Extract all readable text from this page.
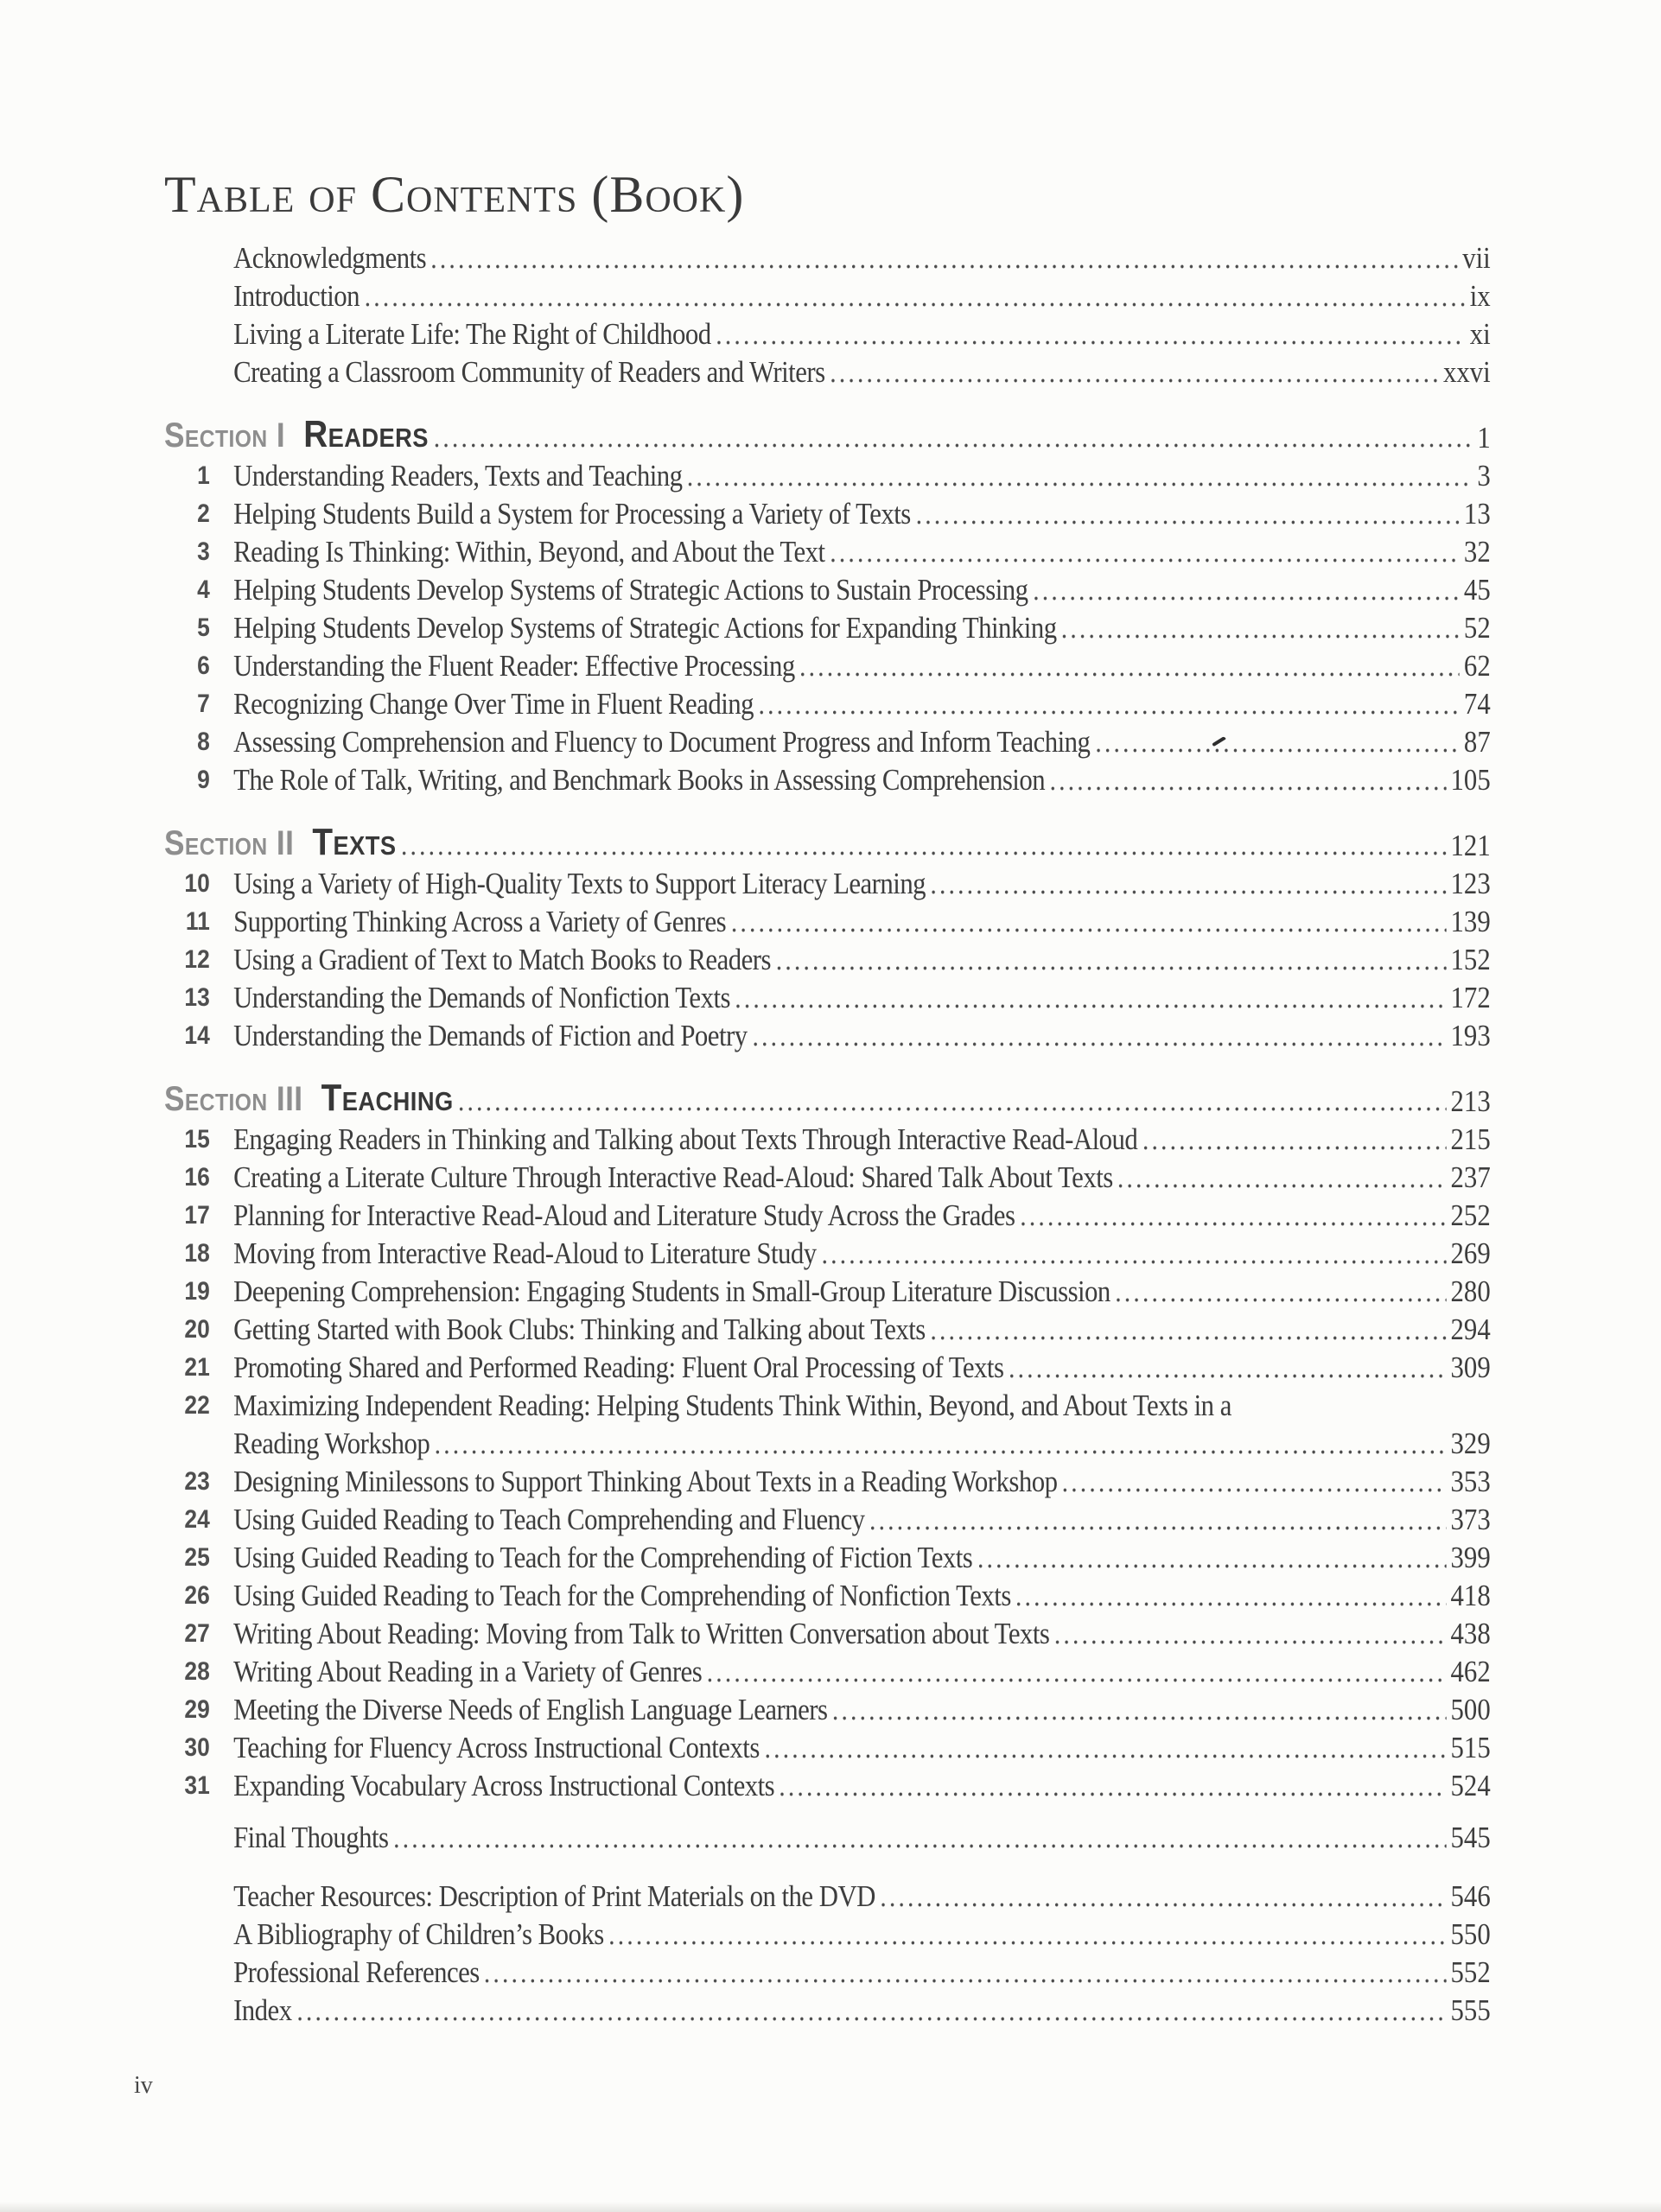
Table of Contents (Book)
Acknowledgments	vii
Introduction	ix
Living a Literate Life: The Right of Childhood	xi
Creating a Classroom Community of Readers and Writers	xxvi
Section I Readers	1
1 Understanding Readers, Texts and Teaching	3
2 Helping Students Build a System for Processing a Variety of Texts	13
3 Reading Is Thinking: Within, Beyond, and About the Text	32
4 Helping Students Develop Systems of Strategic Actions to Sustain Processing	45
5 Helping Students Develop Systems of Strategic Actions for Expanding Thinking	52
6 Understanding the Fluent Reader: Effective Processing	62
7 Recognizing Change Over Time in Fluent Reading	74
8 Assessing Comprehension and Fluency to Document Progress and Inform Teaching	87
9 The Role of Talk, Writing, and Benchmark Books in Assessing Comprehension	105
Section II Texts	121
10 Using a Variety of High-Quality Texts to Support Literacy Learning	123
11 Supporting Thinking Across a Variety of Genres	139
12 Using a Gradient of Text to Match Books to Readers	152
13 Understanding the Demands of Nonfiction Texts	172
14 Understanding the Demands of Fiction and Poetry	193
Section III Teaching	213
15 Engaging Readers in Thinking and Talking about Texts Through Interactive Read-Aloud	215
16 Creating a Literate Culture Through Interactive Read-Aloud: Shared Talk About Texts	237
17 Planning for Interactive Read-Aloud and Literature Study Across the Grades	252
18 Moving from Interactive Read-Aloud to Literature Study	269
19 Deepening Comprehension: Engaging Students in Small-Group Literature Discussion	280
20 Getting Started with Book Clubs: Thinking and Talking about Texts	294
21 Promoting Shared and Performed Reading: Fluent Oral Processing of Texts	309
22 Maximizing Independent Reading: Helping Students Think Within, Beyond, and About Texts in a
Reading Workshop	329
23 Designing Minilessons to Support Thinking About Texts in a Reading Workshop	353
24 Using Guided Reading to Teach Comprehending and Fluency	373
25 Using Guided Reading to Teach for the Comprehending of Fiction Texts	399
26 Using Guided Reading to Teach for the Comprehending of Nonfiction Texts	418
27 Writing About Reading: Moving from Talk to Written Conversation about Texts	438
28 Writing About Reading in a Variety of Genres	462
29 Meeting the Diverse Needs of English Language Learners	500
30 Teaching for Fluency Across Instructional Contexts	515
31 Expanding Vocabulary Across Instructional Contexts	524
Final Thoughts	545
Teacher Resources: Description of Print Materials on the DVD	546
A Bibliography of Children’s Books	550
Professional References	552
Index	555
iv
